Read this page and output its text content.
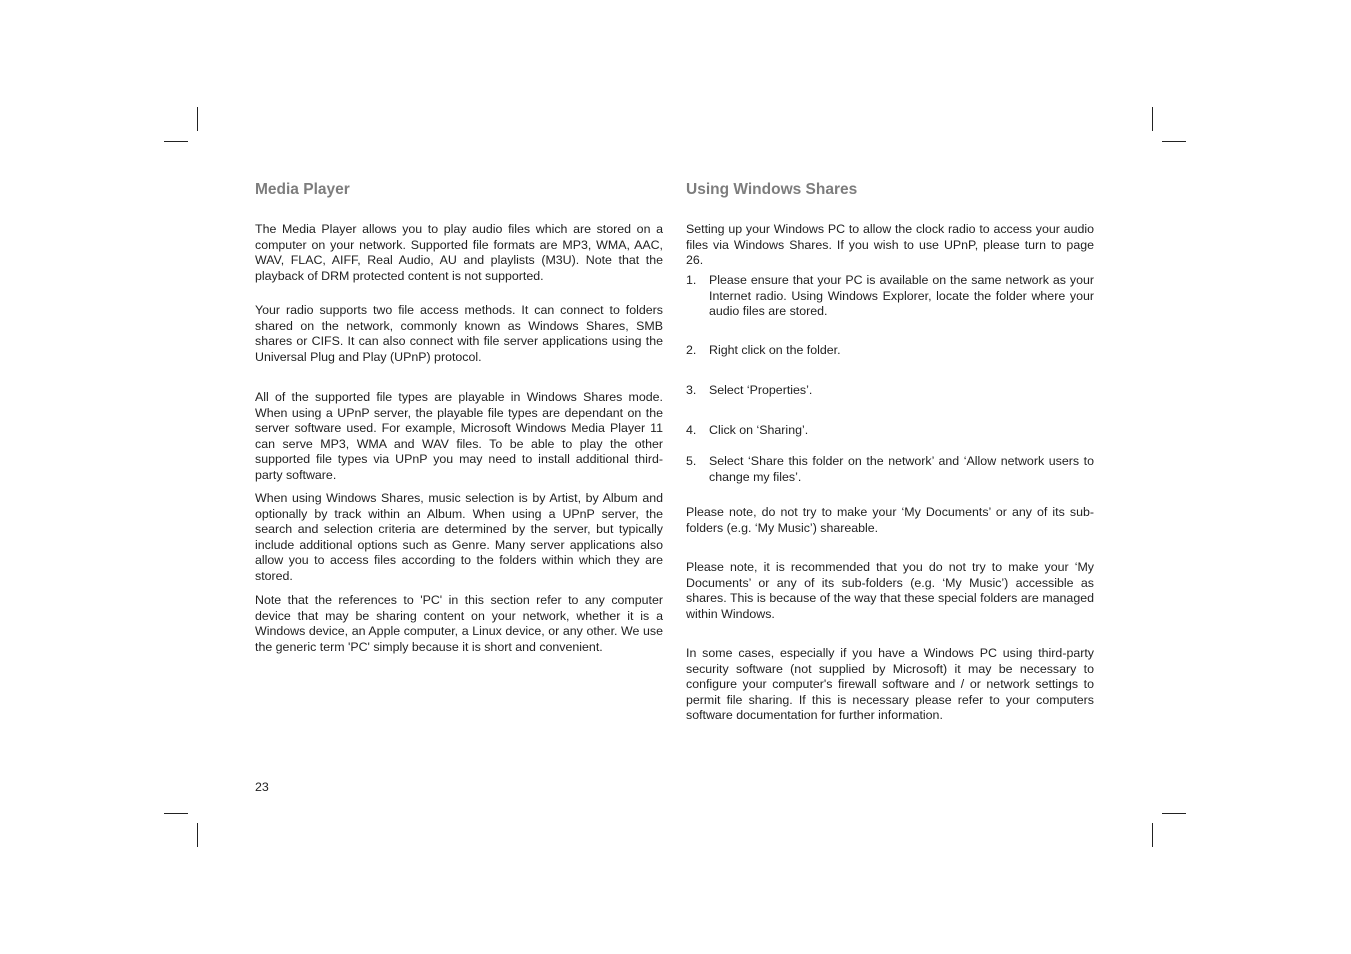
Media Player

The Media Player allows you to play audio files which are stored on a computer on your network. Supported file formats are MP3, WMA, AAC, WAV, FLAC, AIFF, Real Audio, AU and playlists (M3U). Note that the playback of DRM protected content is not supported.

Your radio supports two file access methods. It can connect to folders shared on the network, commonly known as Windows Shares, SMB shares or CIFS. It can also connect with file server applications using the Universal Plug and Play (UPnP) protocol.

All of the supported file types are playable in Windows Shares mode. When using a UPnP server, the playable file types are dependant on the server software used. For example, Microsoft Windows Media Player 11 can serve MP3, WMA and WAV files. To be able to play the other supported file types via UPnP you may need to install additional third-party software.

When using Windows Shares, music selection is by Artist, by Album and optionally by track within an Album. When using a UPnP server, the search and selection criteria are determined by the server, but typically include additional options such as Genre. Many server applications also allow you to access files according to the folders within which they are stored.

Note that the references to 'PC' in this section refer to any computer device that may be sharing content on your network, whether it is a Windows device, an Apple computer, a Linux device, or any other. We use the generic term 'PC' simply because it is short and convenient.

Using Windows Shares

Setting up your Windows PC to allow the clock radio to access your audio files via Windows Shares. If you wish to use UPnP, please turn to page 26.

1. Please ensure that your PC is available on the same network as your Internet radio. Using Windows Explorer, locate the folder where your audio files are stored.
2. Right click on the folder.
3. Select ‘Properties’.
4. Click on ‘Sharing’.
5. Select ‘Share this folder on the network’ and ‘Allow network users to change my files’.

Please note, do not try to make your ‘My Documents’ or any of its sub-folders (e.g. ‘My Music’) shareable.

Please note, it is recommended that you do not try to make your ‘My Documents’ or any of its sub-folders (e.g. ‘My Music’) accessible as shares. This is because of the way that these special folders are managed within Windows.

In some cases, especially if you have a Windows PC using third-party security software (not supplied by Microsoft) it may be necessary to configure your computer's firewall software and / or network settings to permit file sharing. If this is necessary please refer to your computers software documentation for further information.

23
